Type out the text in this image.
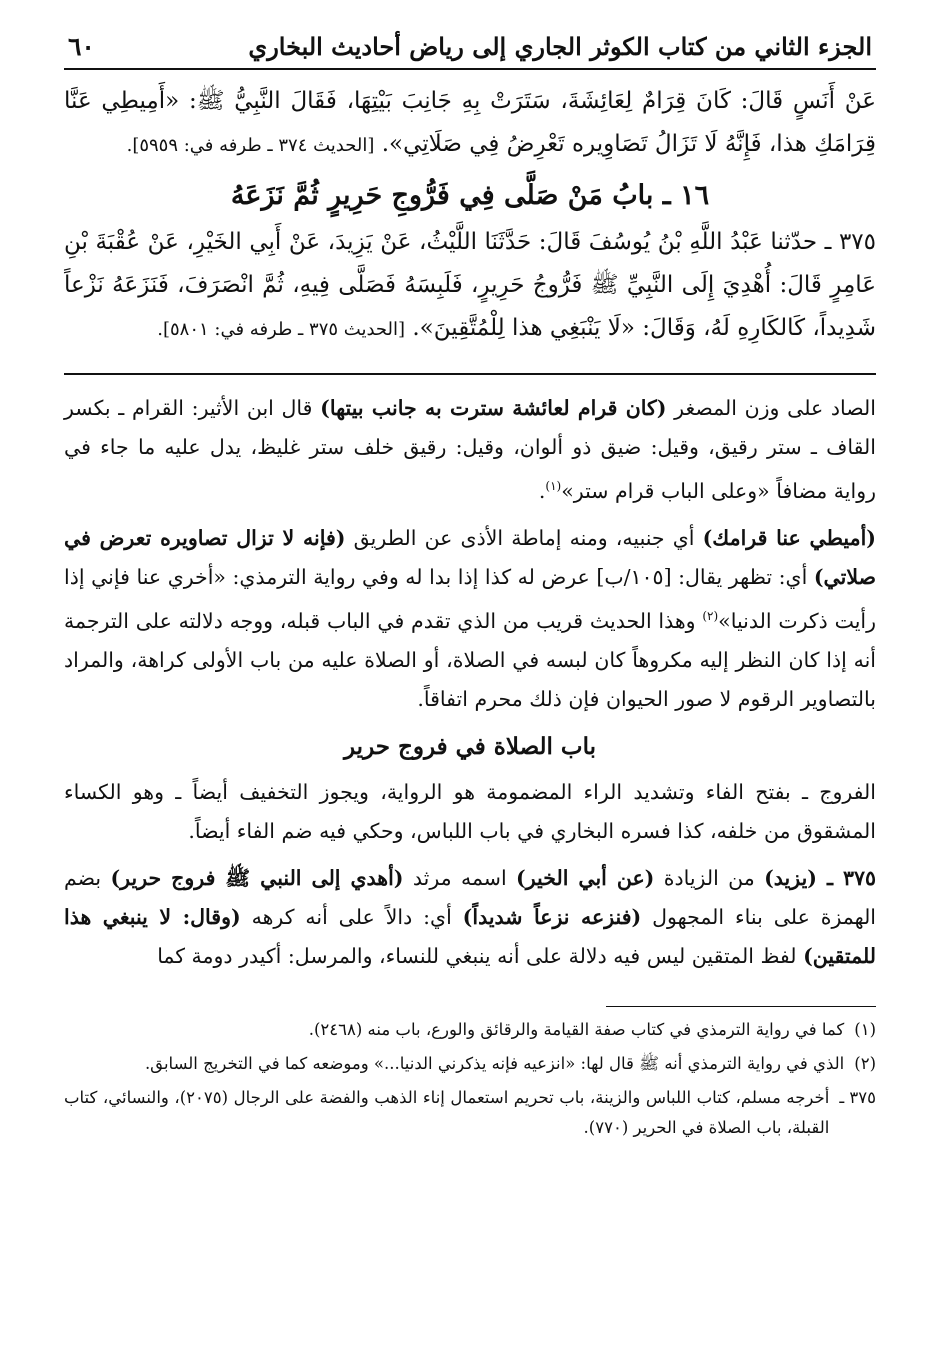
الجزء الثاني من كتاب الكوثر الجاري إلى رياض أحاديث البخاري
٦٠
عَنْ أَنَسٍ قَالَ: كَانَ قِرَامٌ لِعَائِشَةَ، سَتَرَتْ بِهِ جَانِبَ بَيْتِهَا، فَقَالَ النَّبِيُّ ﷺ: «أَمِيطِي عَنَّا قِرَامَكِ هذا، فَإِنَّهُ لَا تَزَالُ تَصَاوِيره تَعْرِضُ فِي صَلَاتِي». [الحديث ٣٧٤ ـ طرفه في: ٥٩٥٩].
١٦ ـ بابُ مَنْ صَلَّى فِي فَرُّوجِ حَرِيرٍ ثُمَّ نَزَعَهُ
٣٧٥ ـ حدّثنا عَبْدُ اللَّهِ بْنُ يُوسُفَ قَالَ: حَدَّثَنَا اللَّيْثُ، عَنْ يَزِيدَ، عَنْ أَبِي الخَيْرِ، عَنْ عُقْبَةَ بْنِ عَامِرٍ قَالَ: أُهْدِيَ إِلَى النَّبِيِّ ﷺ فَرُّوجُ حَرِيرٍ، فَلَبِسَهُ فَصَلَّى فِيهِ، ثُمَّ انْصَرَفَ، فَنَزَعَهُ نَزْعاً شَدِيداً، كَالكَارِهِ لَهُ، وَقَالَ: «لَا يَنْبَغِي هذا لِلْمُتَّقِينَ». [الحديث ٣٧٥ ـ طرفه في: ٥٨٠١].

الصاد على وزن المصغر (كان قرام لعائشة سترت به جانب بيتها) قال ابن الأثير: القرام ـ بكسر القاف ـ ستر رقيق، وقيل: ضيق ذو ألوان، وقيل: رقيق خلف ستر غليظ، يدل عليه ما جاء في رواية مضافاً «وعلى الباب قرام ستر»$^{(١)}$.

(أميطي عنا قرامك) أي جنبيه، ومنه إماطة الأذى عن الطريق (فإنه لا تزال تصاويره تعرض في صلاتي) أي: تظهر يقال: [١٠٥/ب] عرض له كذا إذا بدا له وفي رواية الترمذي: «أخري عنا فإني إذا رأيت ذكرت الدنيا»$^{(٢)}$ وهذا الحديث قريب من الذي تقدم في الباب قبله، ووجه دلالته على الترجمة أنه إذا كان النظر إليه مكروهاً كان لبسه في الصلاة، أو الصلاة عليه من باب الأولى كراهة، والمراد بالتصاوير الرقوم لا صور الحيوان فإن ذلك محرم اتفاقاً.

باب الصلاة في فروج حرير

الفروج ـ بفتح الفاء وتشديد الراء المضمومة هو الرواية، ويجوز التخفيف أيضاً ـ وهو الكساء المشقوق من خلفه، كذا فسره البخاري في باب اللباس، وحكي فيه ضم الفاء أيضاً.

٣٧٥ ـ (يزيد) من الزيادة (عن أبي الخير) اسمه مرثد (أهدي إلى النبي ﷺ فروج حرير) بضم الهمزة على بناء المجهول (فنزعه نزعاً شديداً) أي: دالاً على أنه كرهه (وقال: لا ينبغي هذا للمتقين) لفظ المتقين ليس فيه دلالة على أنه ينبغي للنساء، والمرسل: أكيدر دومة كما

(١)
كما في رواية الترمذي في كتاب صفة القيامة والرقائق والورع، باب منه (٢٤٦٨).
(٢)
الذي في رواية الترمذي أنه ﷺ قال لها: «انزعيه فإنه يذكرني الدنيا...» وموضعه كما في التخريج السابق.
٣٧٥ ـ
أخرجه مسلم، كتاب اللباس والزينة، باب تحريم استعمال إناء الذهب والفضة على الرجال (٢٠٧٥)، والنسائي، كتاب القبلة، باب الصلاة في الحرير (٧٧٠).
